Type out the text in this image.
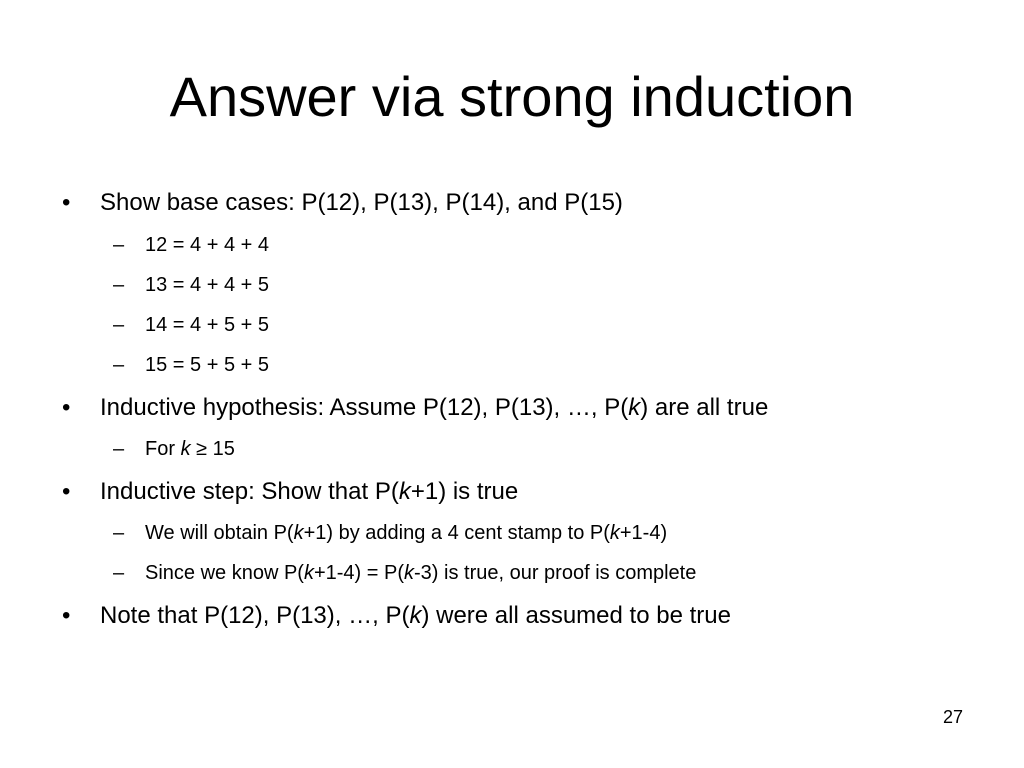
Answer via strong induction
• Show base cases: P(12), P(13), P(14), and P(15)
– 12 = 4 + 4 + 4
– 13 = 4 + 4 + 5
– 14 = 4 + 5 + 5
– 15 = 5 + 5 + 5
• Inductive hypothesis: Assume P(12), P(13), …, P(k) are all true
– For k ≥ 15
• Inductive step: Show that P(k+1) is true
– We will obtain P(k+1) by adding a 4 cent stamp to P(k+1-4)
– Since we know P(k+1-4) = P(k-3) is true, our proof is complete
• Note that P(12), P(13), …, P(k) were all assumed to be true
27
